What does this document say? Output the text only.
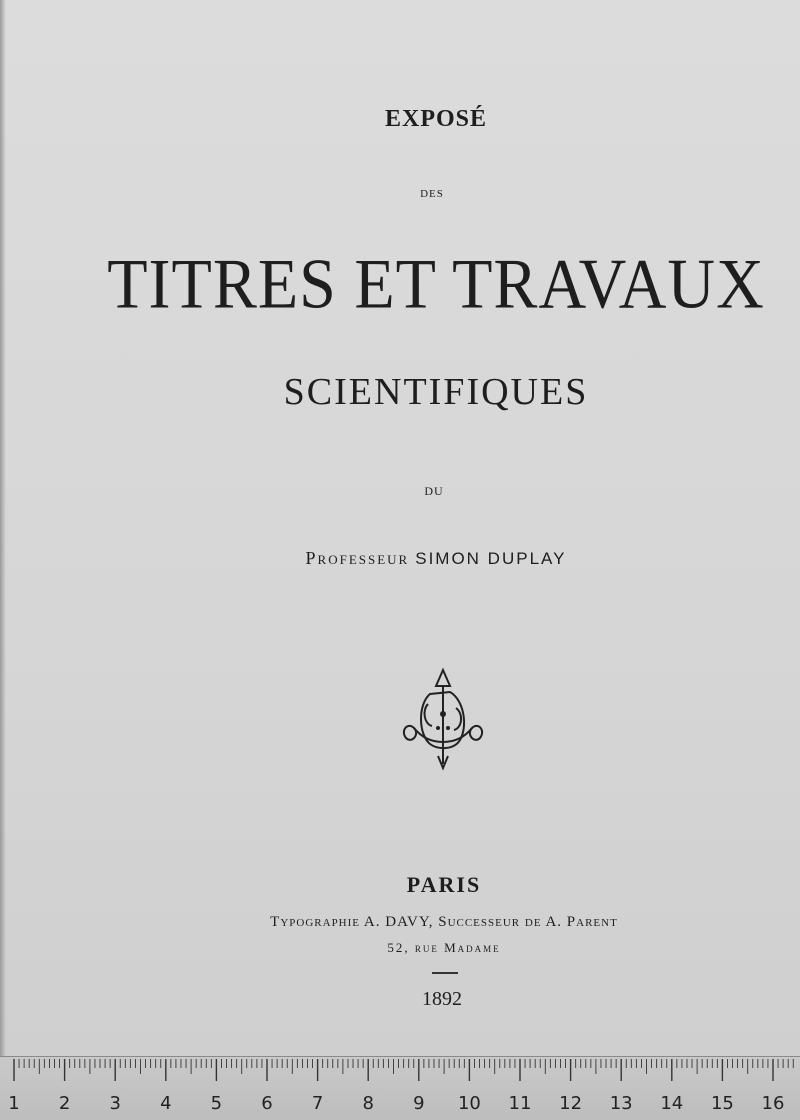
EXPOSÉ
DES
TITRES ET TRAVAUX
SCIENTIFIQUES
DU
Professeur SIMON DUPLAY
PARIS
Typographie A. DAVY, Successeur de A. Parent
52, rue Madame
1892
1 2 3 4 5 6 7 8 9 10 11 12 13 14 15 16
